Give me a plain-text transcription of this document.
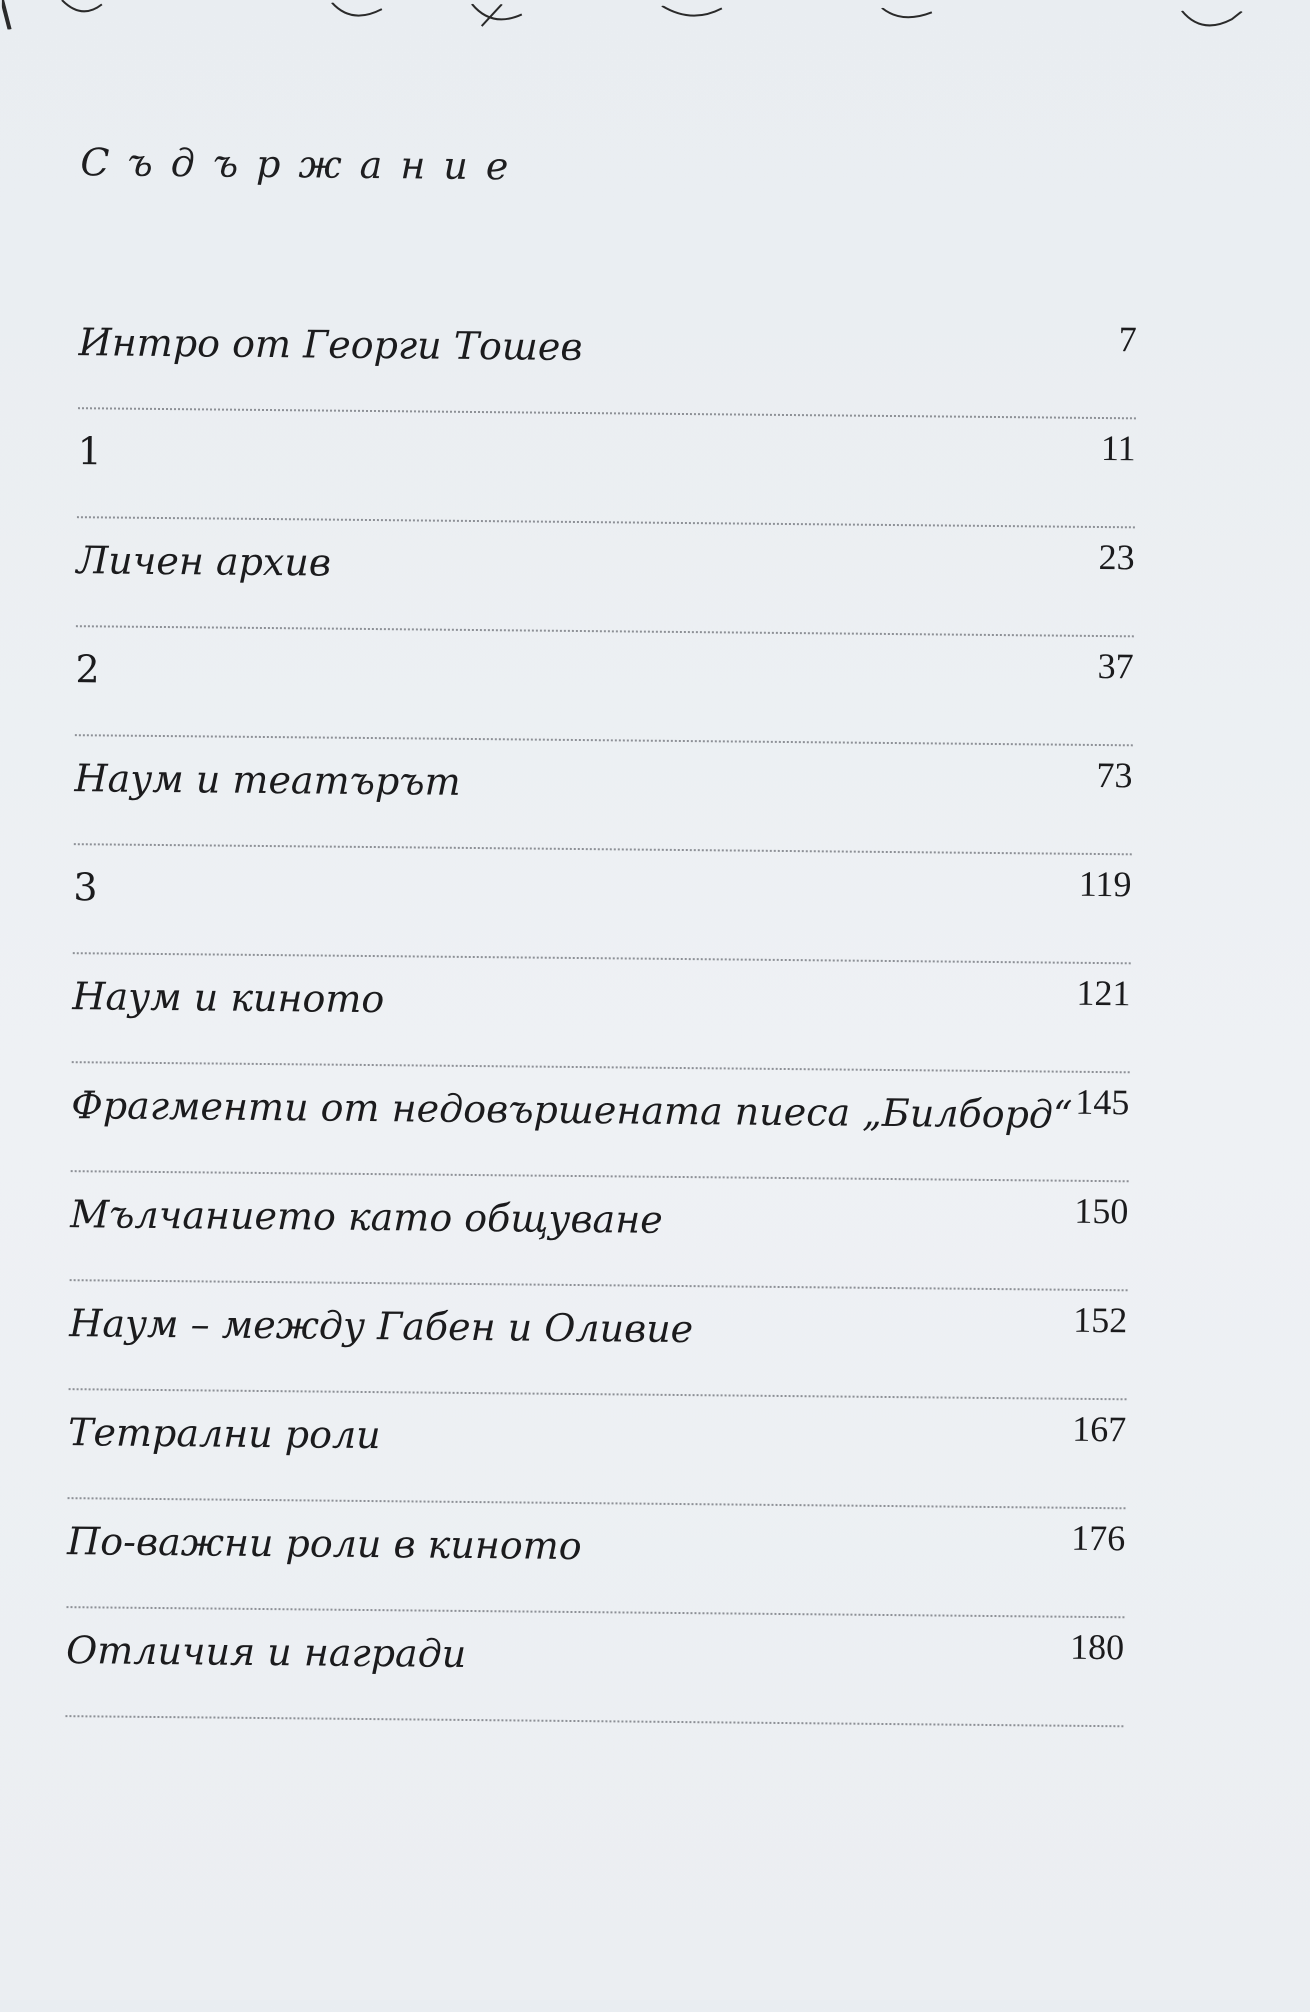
Съдържание
Интро от Георги Тошев	7
1	11
Личен архив	23
2	37
Наум и театърът	73
3	119
Наум и киното	121
Фрагменти от недовършената пиеса „Билборд“ 145
Мълчанието като общуване	150
Наум – между Габен и Оливие	152
Тетрални роли	167
По-важни роли в киното	176
Отличия и награди	180
